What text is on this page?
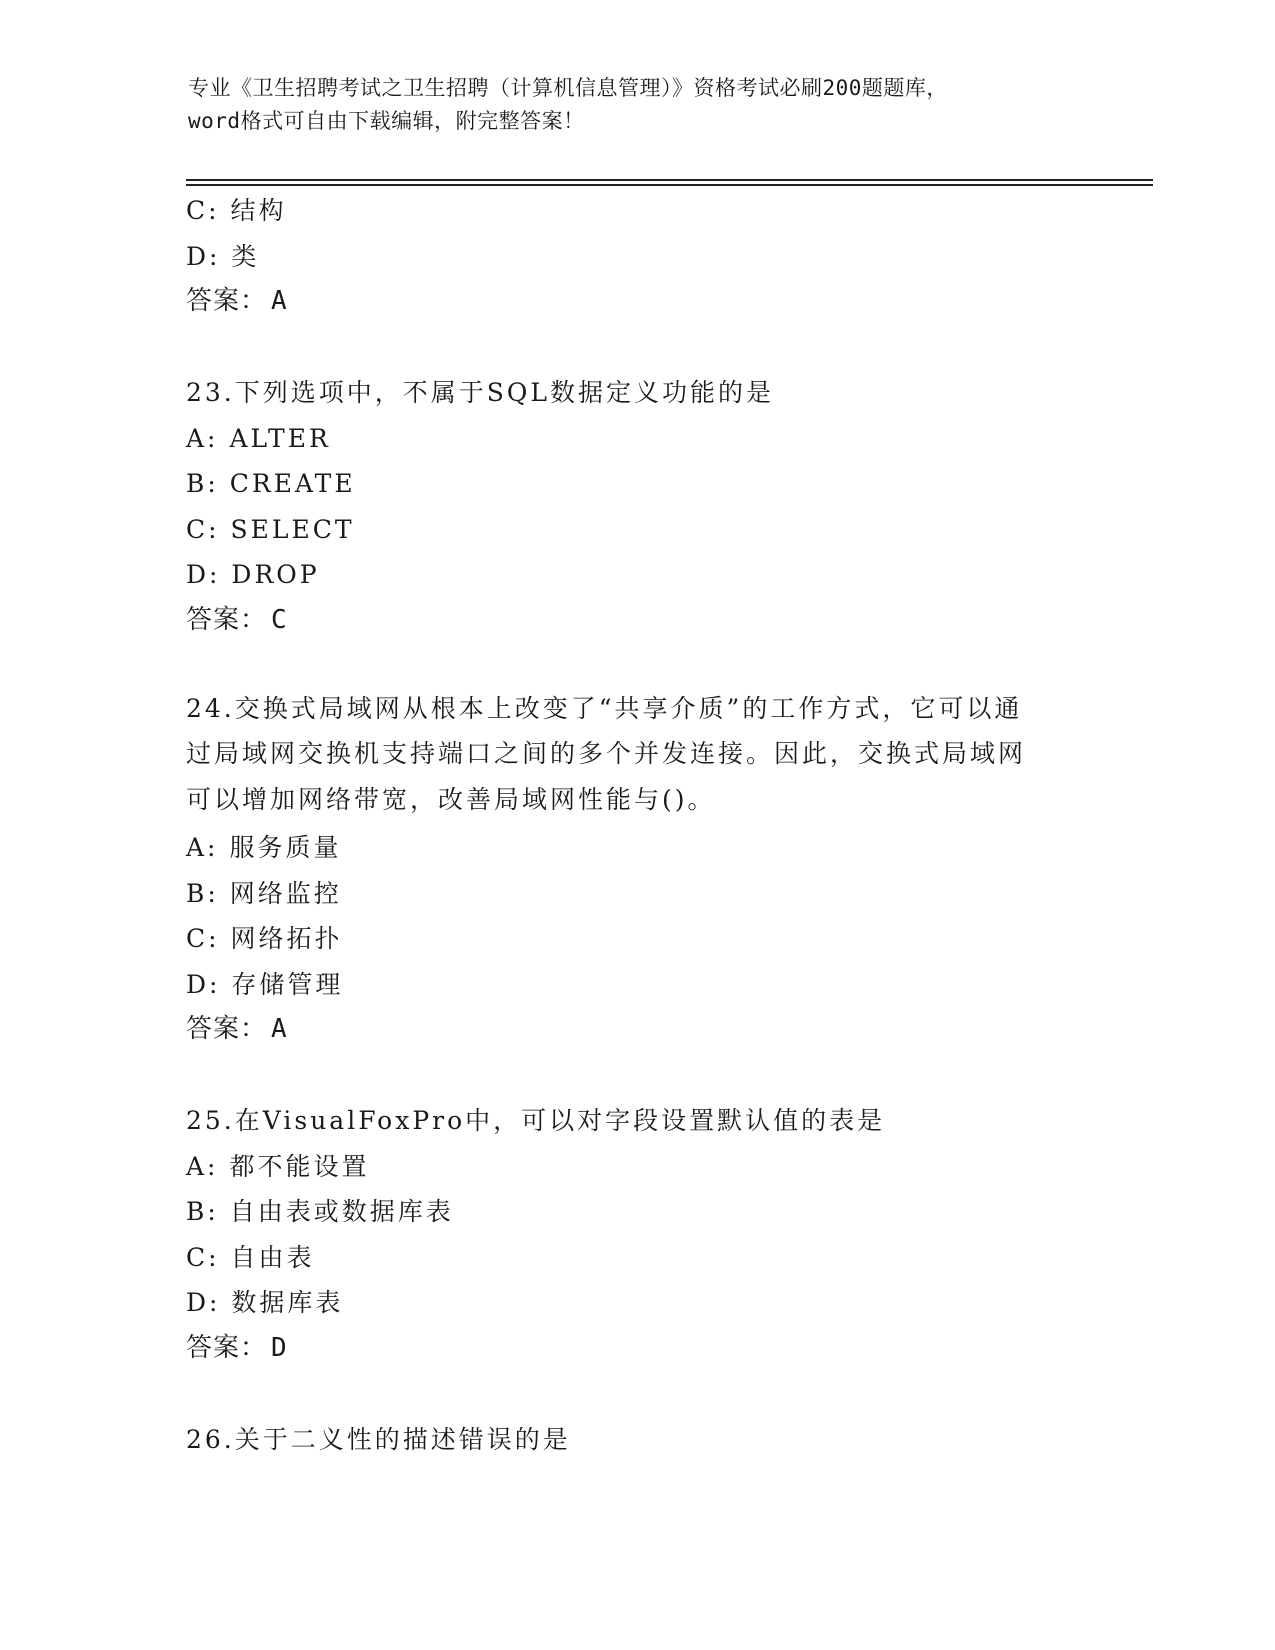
专业《卫生招聘考试之卫生招聘（计算机信息管理）》资格考试必刷200题题库，
word格式可自由下载编辑，附完整答案！
C: 结构
D: 类
答案： A
23.下列选项中，不属于SQL数据定义功能的是
A: ALTER
B: CREATE
C: SELECT
D: DROP
答案： C
24.交换式局域网从根本上改变了“共享介质”的工作方式，它可以通
过局域网交换机支持端口之间的多个并发连接。因此，交换式局域网
可以增加网络带宽，改善局域网性能与()。
A: 服务质量
B: 网络监控
C: 网络拓扑
D: 存储管理
答案： A
25.在VisualFoxPro中，可以对字段设置默认值的表是
A: 都不能设置
B: 自由表或数据库表
C: 自由表
D: 数据库表
答案： D
26.关于二义性的描述错误的是
